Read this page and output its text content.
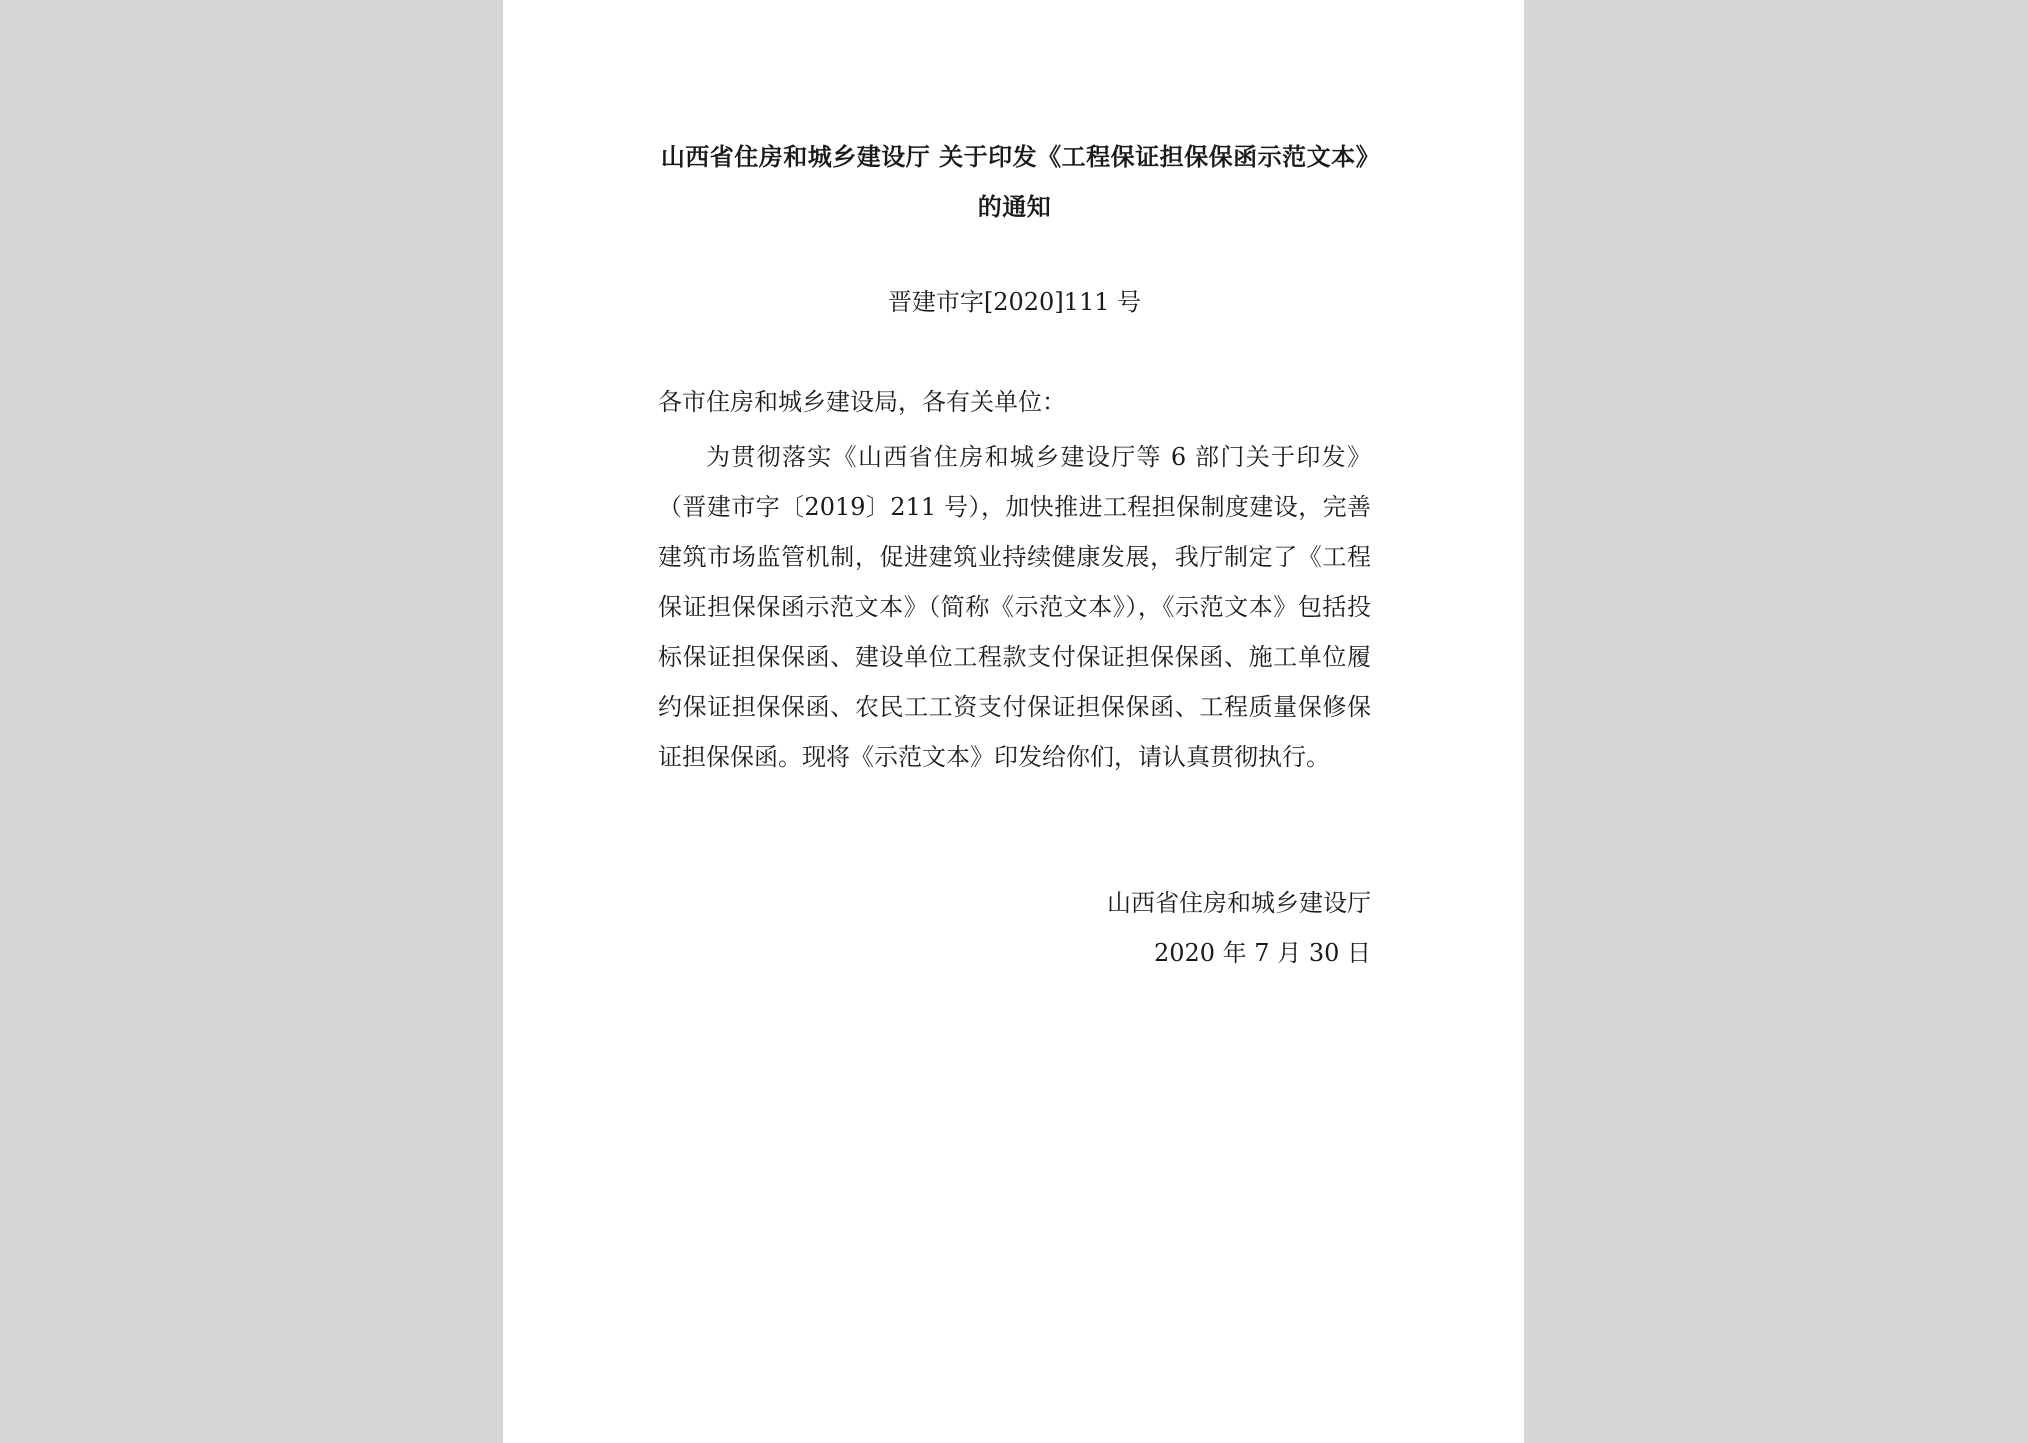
山西省住房和城乡建设厅 关于印发《工程保证担保保函示范文本》的通知
晋建市字[2020]111 号
各市住房和城乡建设局，各有关单位：

为贯彻落实《山西省住房和城乡建设厅等 6 部门关于印发》（晋建市字〔2019〕211 号），加快推进工程担保制度建设，完善建筑市场监管机制，促进建筑业持续健康发展，我厅制定了《工程保证担保保函示范文本》（简称《示范文本》），《示范文本》包括投标保证担保保函、建设单位工程款支付保证担保保函、施工单位履约保证担保保函、农民工工资支付保证担保保函、工程质量保修保证担保保函。现将《示范文本》印发给你们，请认真贯彻执行。

山西省住房和城乡建设厅
2020 年 7 月 30 日
